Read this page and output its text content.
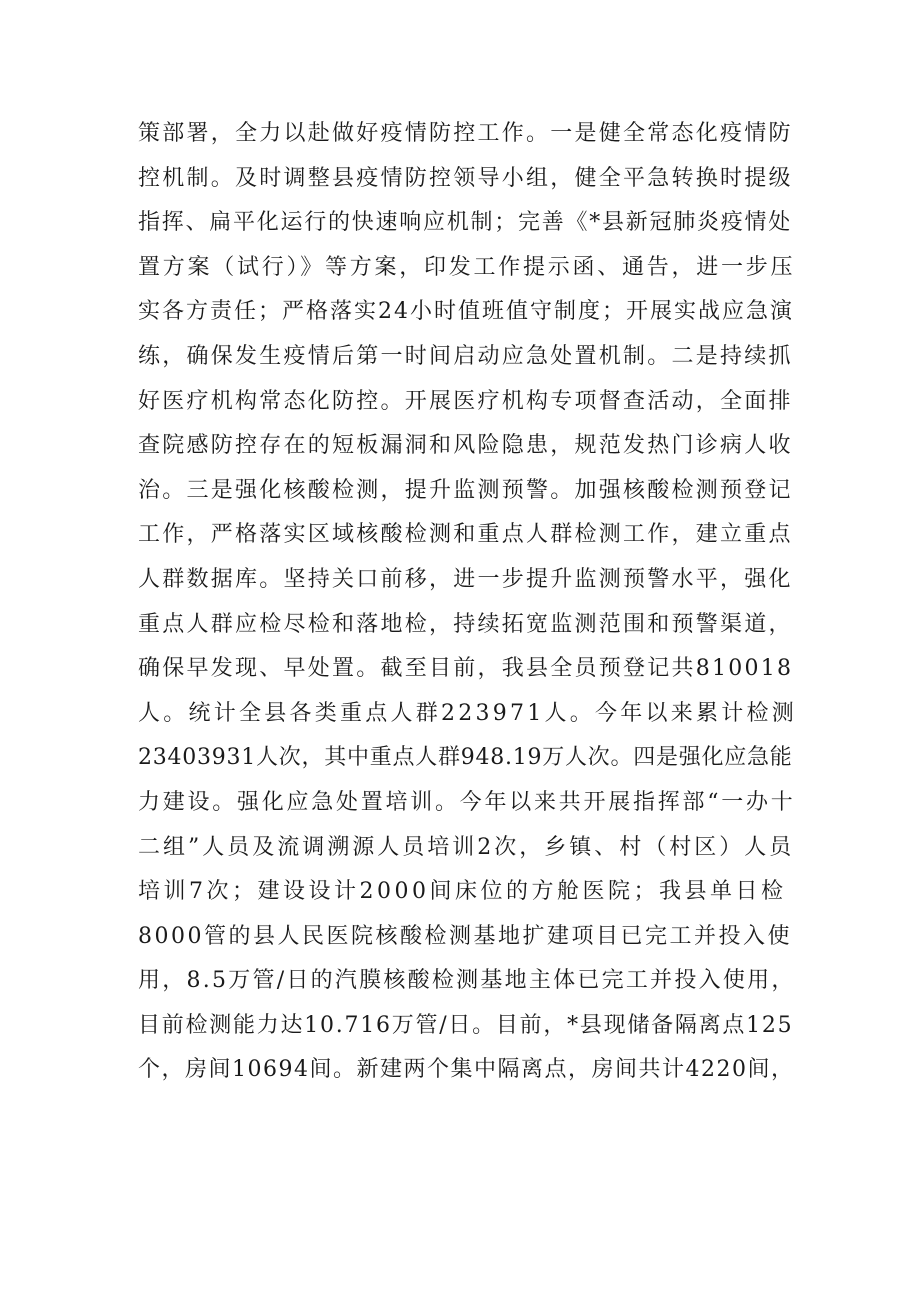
策部署，全力以赴做好疫情防控工作。一是健全常态化疫情防
控机制。及时调整县疫情防控领导小组，健全平急转换时提级
指挥、扁平化运行的快速响应机制；完善《*县新冠肺炎疫情处
置方案（试行）》等方案，印发工作提示函、通告，进一步压
实各方责任；严格落实24小时值班值守制度；开展实战应急演
练，确保发生疫情后第一时间启动应急处置机制。二是持续抓
好医疗机构常态化防控。开展医疗机构专项督查活动，全面排
查院感防控存在的短板漏洞和风险隐患，规范发热门诊病人收
治。三是强化核酸检测，提升监测预警。加强核酸检测预登记
工作，严格落实区域核酸检测和重点人群检测工作，建立重点
人群数据库。坚持关口前移，进一步提升监测预警水平，强化
重点人群应检尽检和落地检，持续拓宽监测范围和预警渠道，
确保早发现、早处置。截至目前，我县全员预登记共810018
人。统计全县各类重点人群223971人。今年以来累计检测
23403931人次，其中重点人群948.19万人次。四是强化应急能
力建设。强化应急处置培训。今年以来共开展指挥部“一办十
二组”人员及流调溯源人员培训2次，乡镇、村（村区）人员
培训7次；建设设计2000间床位的方舱医院；我县单日检
8000管的县人民医院核酸检测基地扩建项目已完工并投入使
用，8.5万管/日的汽膜核酸检测基地主体已完工并投入使用，
目前检测能力达10.716万管/日。目前，*县现储备隔离点125
个，房间10694间。新建两个集中隔离点，房间共计4220间，
